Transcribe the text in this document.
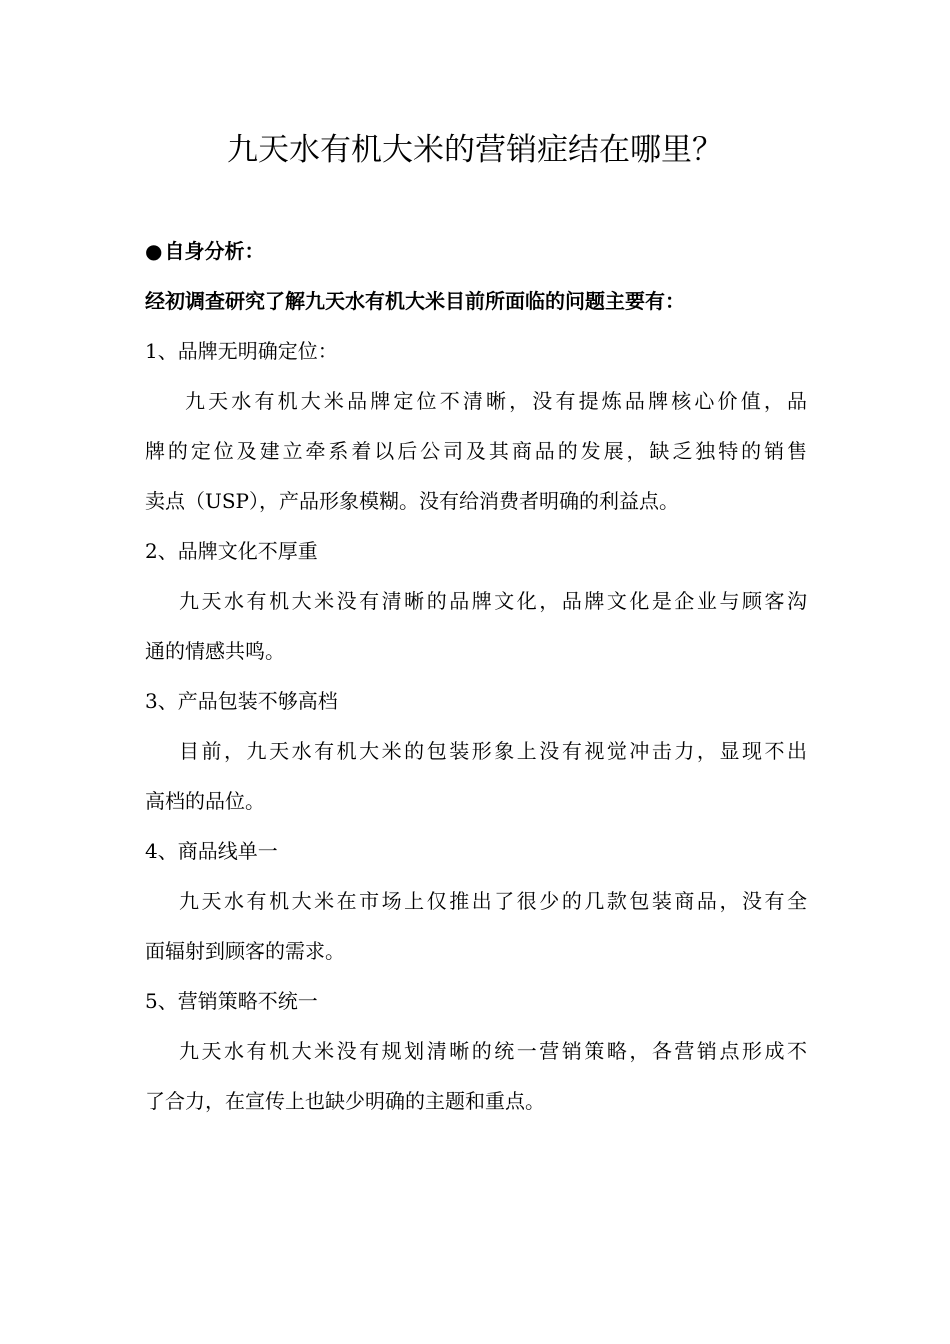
九天水有机大米的营销症结在哪里？

● 自身分析：

经初调查研究了解九天水有机大米目前所面临的问题主要有：

1、品牌无明确定位：

九天水有机大米品牌定位不清晰，没有提炼品牌核心价值，品

牌的定位及建立牵系着以后公司及其商品的发展，缺乏独特的销售

卖点（USP），产品形象模糊。没有给消费者明确的利益点。

2、品牌文化不厚重

九天水有机大米没有清晰的品牌文化，品牌文化是企业与顾客沟

通的情感共鸣。

3、产品包装不够高档

目前，九天水有机大米的包装形象上没有视觉冲击力，显现不出

高档的品位。

4、商品线单一

九天水有机大米在市场上仅推出了很少的几款包装商品，没有全

面辐射到顾客的需求。

5、营销策略不统一

九天水有机大米没有规划清晰的统一营销策略，各营销点形成不

了合力，在宣传上也缺少明确的主题和重点。
